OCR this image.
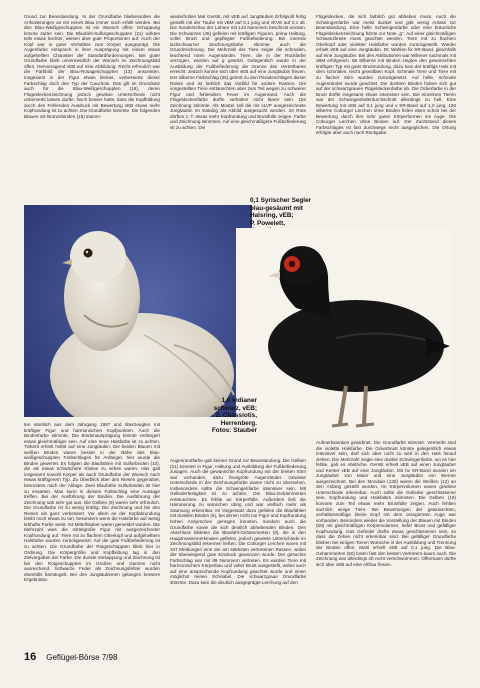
Grund zur Beanstandung. In der Grundfarbe bliebensollen die Anforderungen an ein reines Blau immer noch erfüllt werden. Bei den Blau-Weißgeschuppten ist ein Wunsch offen: Schuppung könnte zarter sein. Die Blaufahl-Sulfurgeschuppten (21) wirkten teils etwas leichter, wiesen aber gute Proportionen auf. Auch der Kopf war in guter Verhältnis zum Körper ausgeprägt. Die Augenfarbe entsprach in ihrer Ausprägung mit einem etwas aufgehellten Charakter der Standardfordernungen. Bei guter Grundfarbe blieb unvermeidlich der Wunsch im Zeichnungsbild offen. Hervorragend vEB auf eine Abbildung. Recht erfreulich war die Farbbild der Blau-Rosageschuppten (13) ansonsten. Insgesamt in der Figur etwas kleiner, verbesserte dieser Farbschlag doch den Typ der Cauchois. Das gilt im Grundsatz auch für die Blau-Weißgeschuppten (16), deren Flügeldeckenzeichnung jedoch gewisse Unterschiede nicht unbemerkt lassen durfte. Noch besser hatte, dass die Kopfbildung durch den Fehlenden Ausdruck mit Bewertung vEB etwas mehr Kopfrundung ist zu achten. Die Grundfarbe stimmte. Die folgenden Blauen mit Bronzebinden (18) stamm-

wiederholten Mal Gerstit, mit vEB auf Jungtäuben Erfolgvoll fertig gestellt mit der Täube mit vBM auf 0,1 jung und vKVE auf 0,1 alt. Die Sonderschau der Lahore mit 143 Nummern beschickt worden. Die Schwarzen (45) gefielen mit kräftigen Figuren, prima Haltung, voller Brust und gepflegter Fußbefiederung. Bei intensiv lackschwarzer Zeichnungsfarbe stimmte auch die Grundzeichnung. Die Mehrzahl der Tiere zeigte die schmalen, leuchtend roten Augenränder. Tiere, die in der Rückfarbe verzogen, wurden auf g gesetzt. Gelegentlich wurde in der Ausbildung der Fußbefiederung die Grenze des Vertretbaren erreicht. Jedoch konnte sich über vEB auf eine Jungtäubin freuen. Der silberne Farbschlag (35) gehört zu den Paradeschlägen dieser Rasse und ist farblich das Vorbild für andere Rassen. Die vorgestellten Tiere enttäuschten aber zum Teil wegen zu schwerer Figur und fehlendem Feuer im Augenrand. Auch die Flügeldeckenfarbe dürfte verhalten nicht klarer sein. Die Zeichnung stimmte. Als Muster soll die mit vLVP ausgezeichnete Jungtäubin im Katalog als Abbild ausgesucht werden. 20 Rote dürften z. T. etwas mehr Kopfrundung und Brustfülle zeigen. Farbe und Zeichnung stimmten. Auf eine gleichmäßigere Fußbefiederung ist zu achten. Die

Flügeldecken, die sich farblich gut abheben muss. Auch die Schwingenfarbe war meist dunkel und gibt wenig Anlass zur Beanstandung. Eine helle Schwingenfarbe oder eine bräunliche Flügeldeckenzeichnung führte zur Note „g". Auf einer gleichmäßigen Schwanzbreite muss geachtet werden. Tiere mit zu flachem Oberkopf oder violetter Halsfarbe wurden zurückgestellt. Wieder erhielt vEB auf eine Jungtäubin. Dr. Wahlen fix SR-Band, gleichfalls auf eine Jungtäubin. Bei den Attributionen war Willener nachmals mit vBM erfolgreich. 66 Silberne mit Binden zeigten den gewünschten kräftigen Typ mit guter Brustrundung, dazu kam der kräftige Hals mit dem schmalen, leicht gewölbten Kopf. Schmale Tiere und Tiere mit zu flacher Stirn wurden zurückgesetzt. Auf helle, schmale Augenränder wurde geachtet. Die dunklen Binden hoben sich gut auf der schwarzgrauen Flügeldeckenfarbe ab. Die Ockerfarbe in der Brust dürfte insgesamt etwas intensiver sein. Bei einzelnen Tieren war der Schwingenfederdurchschnitt allerdings zu hell. Eine Bewertung mit vEB auf 0,1 jung und v SR-Band auf 1,0 jung. 190 silberne Coburger Lerchen ohne Binden fielen eben schon bei der Bewertung durch ihre sehr guten Körperformen ins Auge. Die Coburger Lerchen ohne Binden auf. Der Zuchtstand dieses Farbschlages ist fast durchwegs recht ausgeglichen. Die Ortung erfolgte aber auch nach Rückgabe.

0,1 Syrischer Segler
blau-gesäumt mit
Halsring, vEB;
P. Powelett,
1,0 Indianer
schwarz, vEB;
Z. Chassiotis,
Herrenberg.
Fotos: Stauber

ten sämtlich aus dem Jahrgang 1997 und überzeugten mit kräftiger Figur und harmonischen Kopfpunkten. Auch die Bindenfarbe stimmte. Die Bindenausprägung könnte verlängert etwas gleichmäßiger sein. Auf eine neue Halsfarbe ist zu achten. Tinkerit erhielt hvEB auf eine Jungtäubin. Die beiden Blauen mit weißen Binden waren besser in der Nähe des blau-weißgeschuppten Farbschlages für Anfänger, hier wurde die Binden gewertet. Es folgten die Blaufahlen mit Sulfurbinden (10), die als etwas schwächere Klasse zu sehen waren. Hier galt insgesamt sowohl Körper als auch Grundfarbe der Wunsch nach etwas kräftigerem Typ. Zu Überblick über den Riesen gegenüber, besonders nach der Ablage. Zwei Blaufahle Sulfurbinden ist hier zu erwarten. Man kann in diesem Farbschlag eine Aussage treffen. Bei der Ausführung der Binden. Die Ausführung der Zeichnung sah sehr gut aus. Die Gelben (9) waren sehr erfreulich. Die Grundfarbe ist zu wenig kräftig. Die Zeichnung und bei den Riesen als ganz verbessert. Vor allem an der Kopfabrundung bleibt noch etwas zu tun, besonders wenn die Halsfarbe auf wenig lebhafte Farbe weist. 64 Mittelhäuber waren gemeldet worden. Die Mehrzahl wies die mittelgroße Figur mit ausgezeichneter Kopfrundung auf. Tiere mit zu flachem Oberkopf und aufgehelltem Halsfarbe wurden zurückgesetzt. Auf die gute Fußbefiederung ist zu achten. Die Grundfarbe der Rotgeschuppten blieb hier in Ordnung. Die Körpergröße und Kopfbildung lag in den Zielvorgaben der Farbe. Die dunkle Verkappung und Zeichnung ist bei den Rotgeschuppten im Großen und Ganzen nicht ausreichend. Schwarze Feder als Zeichnungsfehler wurden ebenfalls bemängelt. Bei den Jungtäubinnen gelangen bessere Ergebnisse.

Augenrandfarbe gab keinen Grund zur Beanstandung. Die Gelben (21) konnten in Figur, Haltung und Ausbildung der Fußbefiederung zusagen. Auch die gewünschte Kopfrundung mit der breiten Stirn war vorhanden, dazu feurigrote Augenränder. Gewisse Unterschiede in der Zeichnungsfarbe waren nicht zu übersehen, insbesondere sollte die Schwingenfarbe intensiver sein. Mit Gefiederfestigkeit ist zu achten. Die Blau-Gehämmerten enttäuschten. Es fehlte an Körperfülle. Außerdem ließ die Hämmerung zu wünschen übrig und war vielfach mehr als Säumung erkennbar. Im Gegensatz dazu gefielen die Blaufahlen mit dunklen Binden (6), bei denen nicht nur Figur und Kopfrundung hohen Ansprüchen genügen konnten, sondern auch die Grundfarbe sowie die sich deutlich abhebenden Binden. Den Abschluss bildeten die Blaufahl-Gehämmerten (9), die in den Hauptmassemerkmalen gefielen, jedoch gewisse Unterschiede im Zeichnungsbild erkennen ließen. Die Coburger Lerchen waren mit 347 Meldungen eine der am stärksten vertretenen Rassen, wobei der überwiegend gute Eindruck gewonnen wurde. Der gesuchte Farbschlag war mit 89 Nummern vertreten. Es wurden Tiere mit harmonischem Körperbau und voller Brust ausgestellt, wobei auch auf eine ansprechende Kopfrundung geachtet wurde und einen möglichst reinen Schnabel. Die schwarzgraue Grundfarbe stimmte. Dazu kam die deutlich ausgeprägte Lerchung auf den

Aufmerksamkeit gewidmet. Die Grundfarbe stimmte. Vermerkt sind die violette Halsfarbe. Die Ockerbrust könnte gelegentlich etwas intensiver sein, darf sich aber nicht zu weit in den Hals hinauf ziehen. Die Mehrzahl zeigte eine dunkle Schwingenfarbe, wo es hier fehlte, gab es Abstriche. Gerstit erhielt vEB auf einen Jungtäuber und Kenter vEB auf eine Jungtäubin. Mit hv SR-Band wurden ein Jungtäuber von Maier und eine Jungtäubin von Werner ausgezeichnet. Bei den Mondain (130) waren die Weißen (12) an den Anfang gestellt worden. Im Körpervolumen waren gewisse Unterschiede erkennbar. Auch sollte die Gefieder geschlossener sein. Kopfrundung und Halsfalten stimmten. Die Gelben (19) konnten zum Teil etwas mehr Brustfülle zeigen. Auch fehlten sachlich einige Tiere. Bei Bewertungen der gewünschten, verhältnismäßige kleine Kopf mit dem orangeroten Auge war vorhanden. Besonders wieder die Vorstellung der Blauen mit Binden (59) mit gleichmäßigen Körpervolumen, tiefer Brust und gefälliger Kopfrundung. Das Gefieder dürfte etwas geschlossener sein, so dass die Zehen nicht erkennbar sind. Bei gefälliger Grundfarbe blieben bei einigen Tieren Wünsche in der Ausbildung und Trennung der Binden offen. Mahl erhielt vEB auf 0,1 jung. Die Blau-Gehämmerten (50) boten fast den besten Vertretern-kaum nach. Die Zeichnung war allerdings oft recht verschwommen. Offermann durfte sich über vEB auf eine Altfrau freuen.

16 Geflügel-Börse 7/98
